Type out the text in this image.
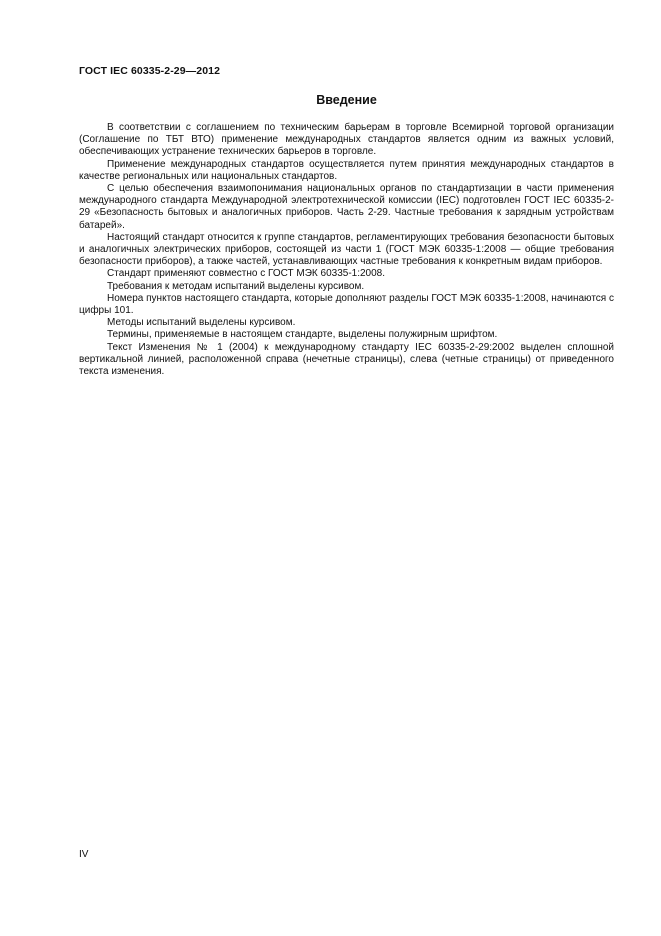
ГОСТ IEC 60335-2-29—2012
Введение

В соответствии с соглашением по техническим барьерам в торговле Всемирной торговой организации (Соглашение по ТБТ ВТО) применение международных стандартов является одним из важных условий, обеспечивающих устранение технических барьеров в торговле.

Применение международных стандартов осуществляется путем принятия международных стандартов в качестве региональных или национальных стандартов.

С целью обеспечения взаимопонимания национальных органов по стандартизации в части применения международного стандарта Международной электротехнической комиссии (IEC) подготовлен ГОСТ IEC 60335-2-29 «Безопасность бытовых и аналогичных приборов. Часть 2-29. Частные требования к зарядным устройствам батарей».

Настоящий стандарт относится к группе стандартов, регламентирующих требования безопасности бытовых и аналогичных электрических приборов, состоящей из части 1 (ГОСТ МЭК 60335-1:2008 — общие требования безопасности приборов), а также частей, устанавливающих частные требования к конкретным видам приборов.

Стандарт применяют совместно с ГОСТ МЭК 60335-1:2008.

Требования к методам испытаний выделены курсивом.

Номера пунктов настоящего стандарта, которые дополняют разделы ГОСТ МЭК 60335-1:2008, начинаются с цифры 101.

Методы испытаний выделены курсивом.

Термины, применяемые в настоящем стандарте, выделены полужирным шрифтом.

Текст Изменения № 1 (2004) к международному стандарту IEC 60335-2-29:2002 выделен сплошной вертикальной линией, расположенной справа (нечетные страницы), слева (четные страницы) от приведенного текста изменения.

IV
